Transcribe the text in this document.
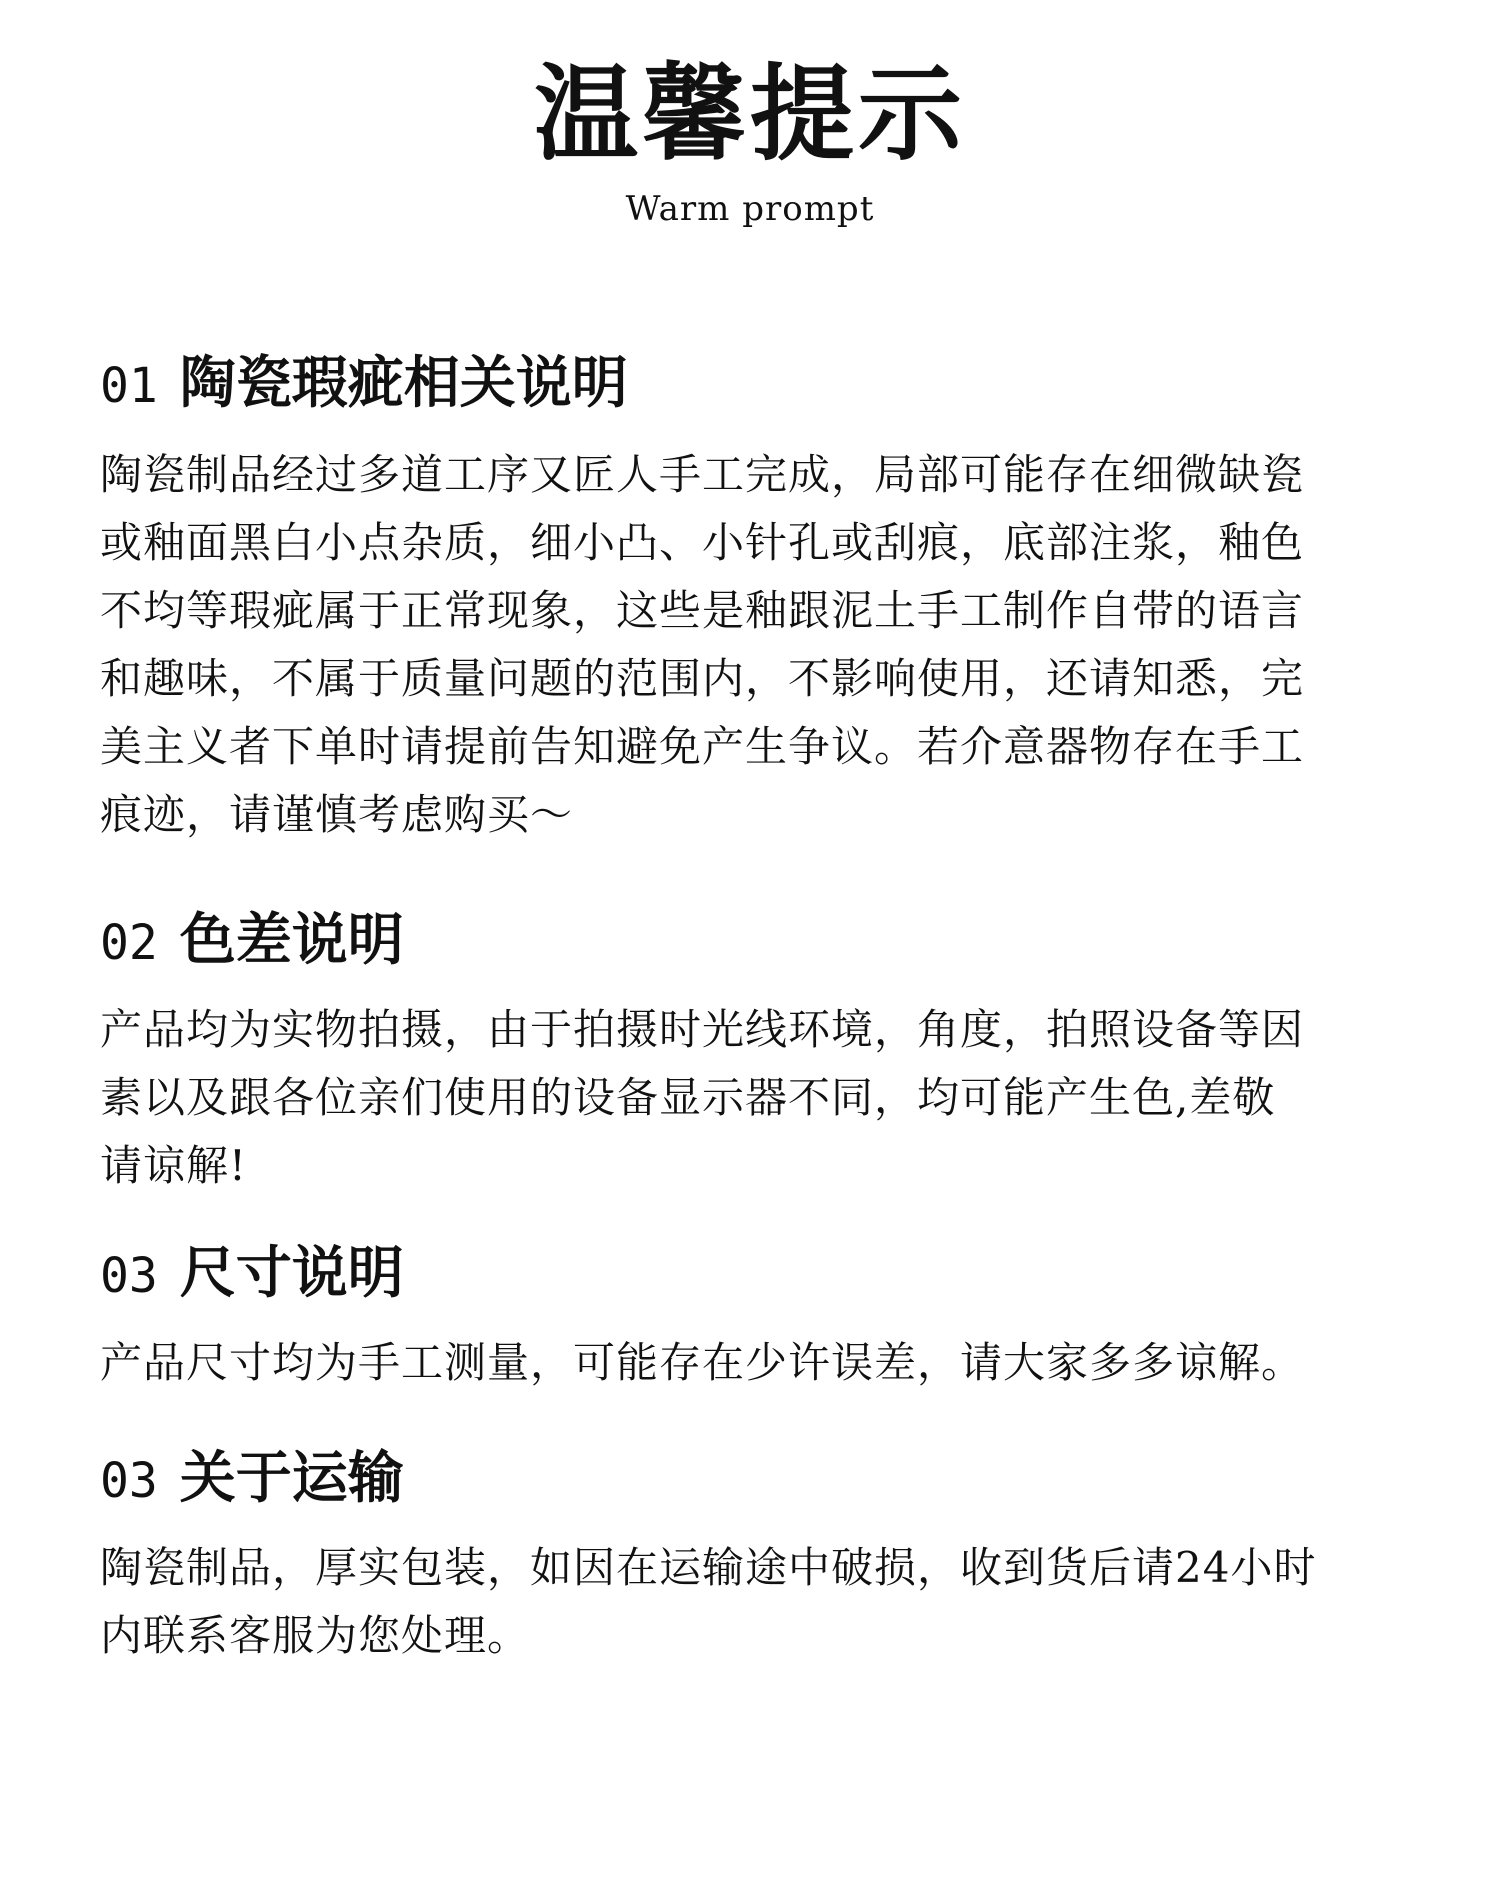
温馨提示
Warm prompt
01 陶瓷瑕疵相关说明
陶瓷制品经过多道工序又匠人手工完成，局部可能存在细微缺瓷
或釉面黑白小点杂质，细小凸、小针孔或刮痕，底部注浆，釉色
不均等瑕疵属于正常现象，这些是釉跟泥土手工制作自带的语言
和趣味，不属于质量问题的范围内，不影响使用，还请知悉，完
美主义者下单时请提前告知避免产生争议。若介意器物存在手工
痕迹，请谨慎考虑购买～
02 色差说明
产品均为实物拍摄，由于拍摄时光线环境，角度，拍照设备等因
素以及跟各位亲们使用的设备显示器不同，均可能产生色,差敬
请谅解!
03 尺寸说明
产品尺寸均为手工测量，可能存在少许误差，请大家多多谅解。
03 关于运输
陶瓷制品，厚实包装，如因在运输途中破损，收到货后请24小时
内联系客服为您处理。
